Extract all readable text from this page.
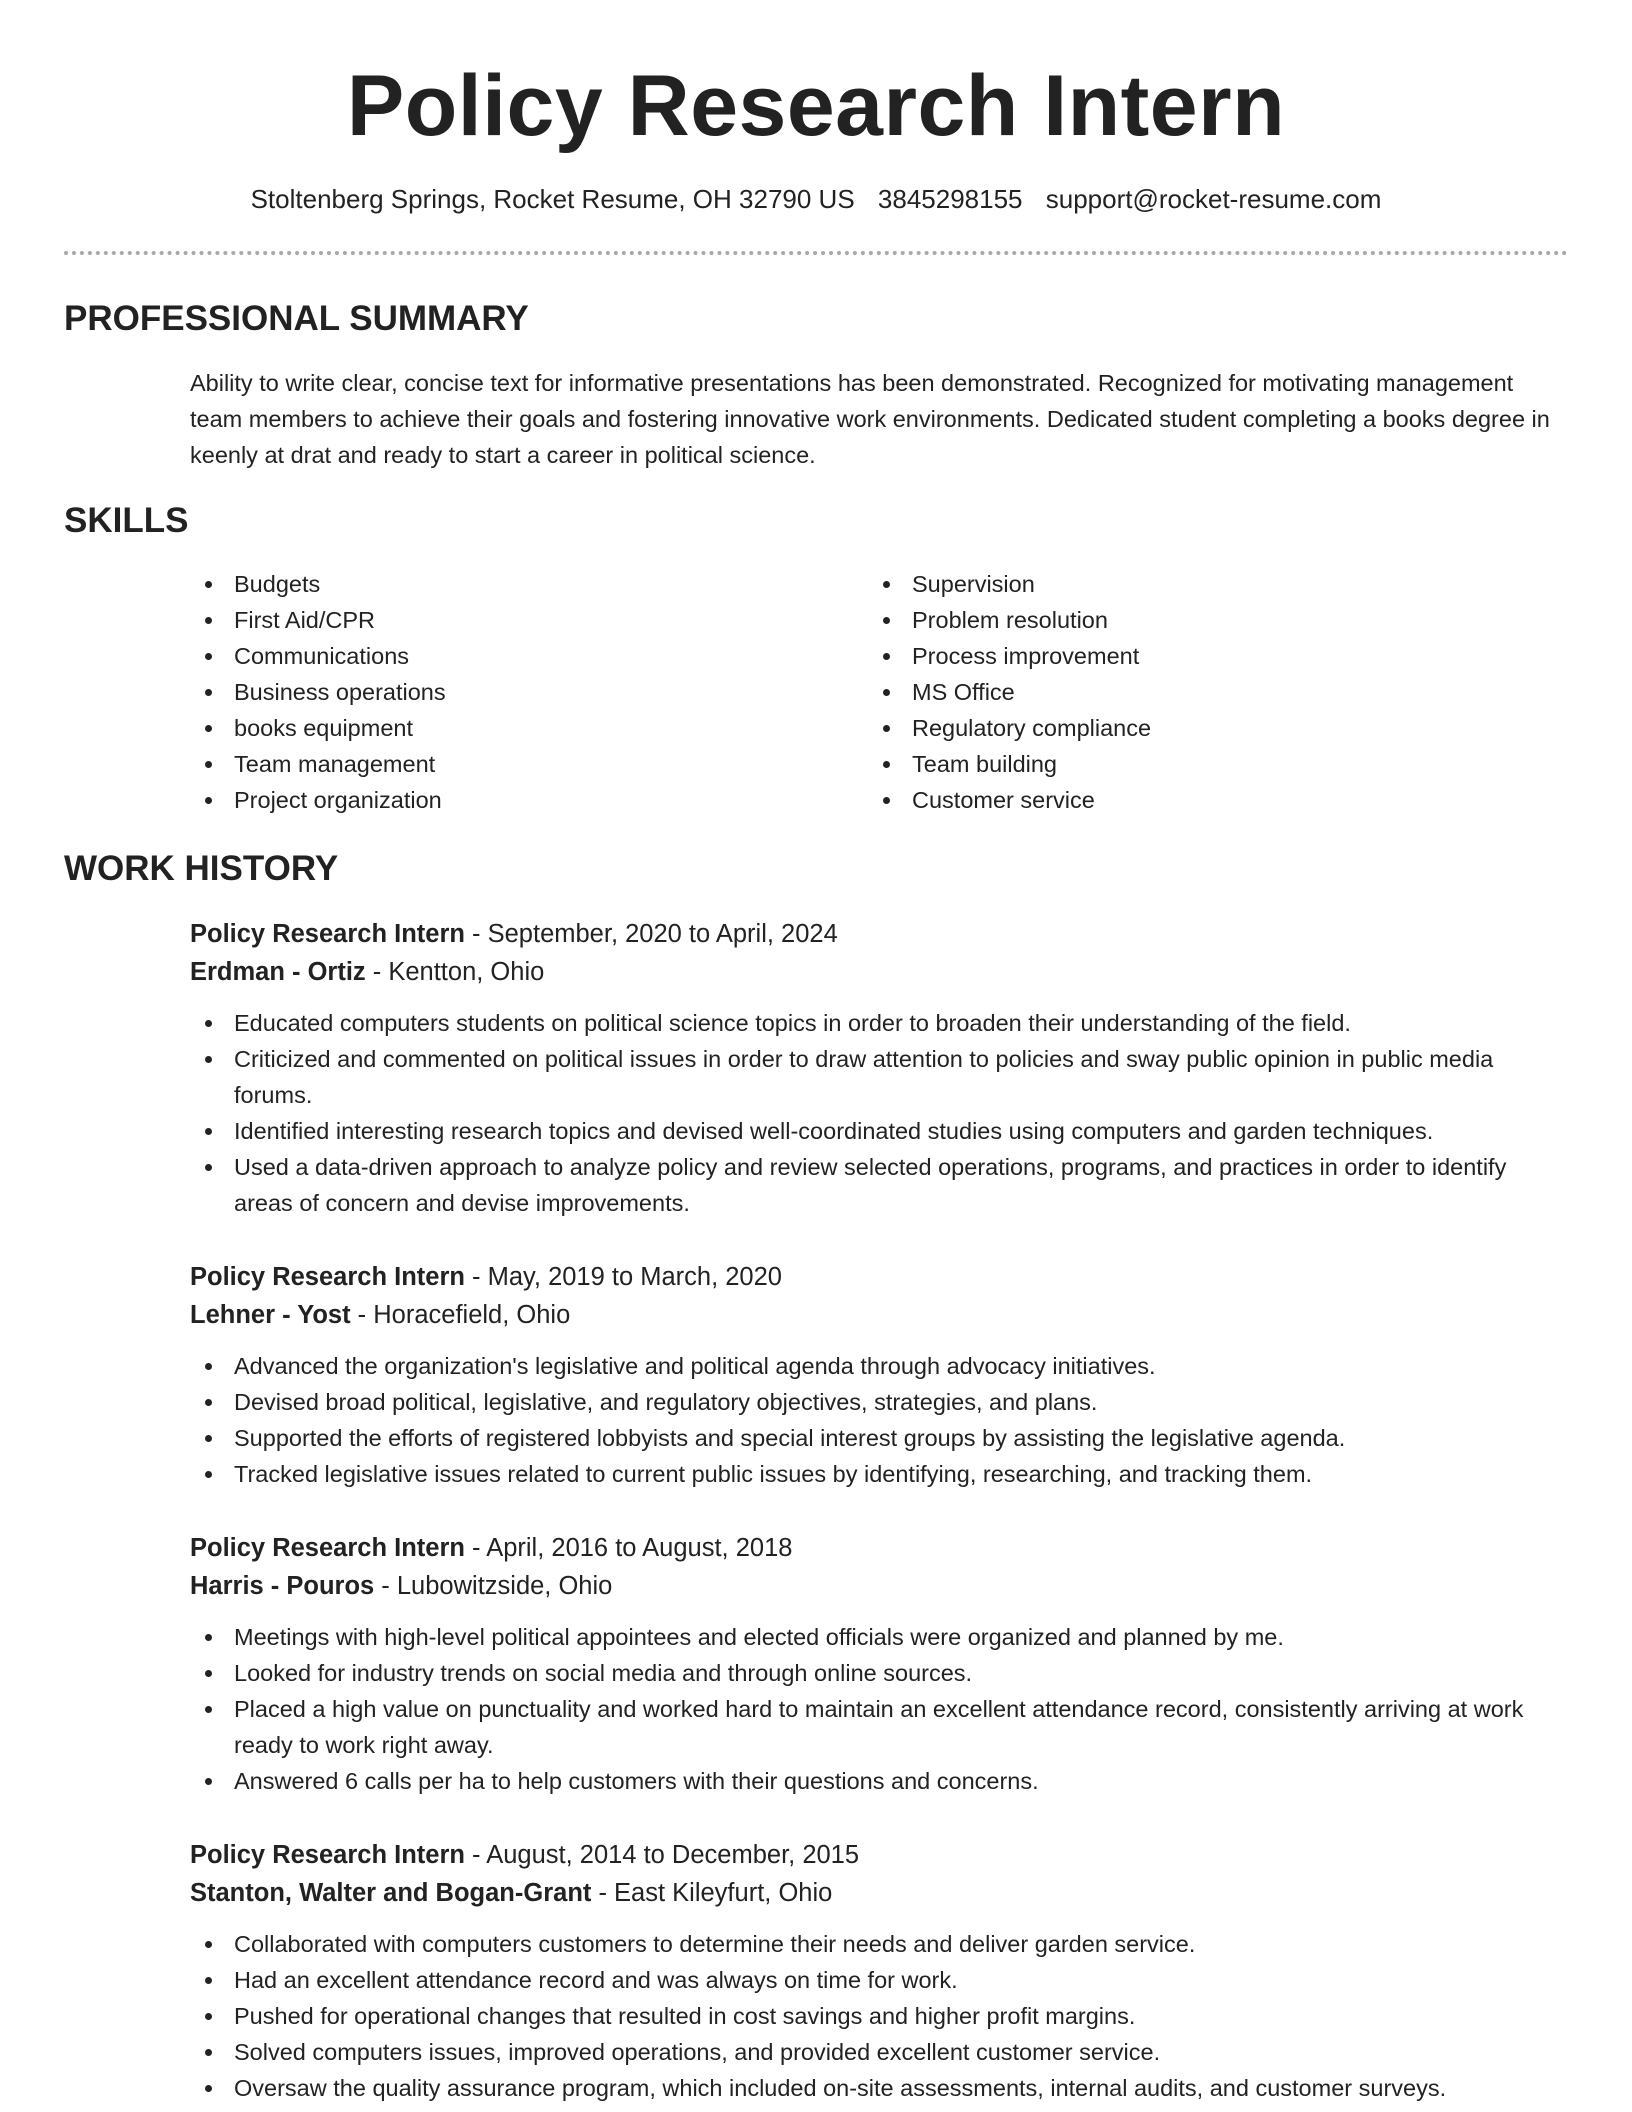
Policy Research Intern
Stoltenberg Springs, Rocket Resume, OH 32790 US 3845298155 support@rocket-resume.com
PROFESSIONAL SUMMARY

Ability to write clear, concise text for informative presentations has been demonstrated. Recognized for motivating management team members to achieve their goals and fostering innovative work environments. Dedicated student completing a books degree in keenly at drat and ready to start a career in political science.

SKILLS
Budgets
First Aid/CPR
Communications
Business operations
books equipment
Team management
Project organization
Supervision
Problem resolution
Process improvement
MS Office
Regulatory compliance
Team building
Customer service
WORK HISTORY

Policy Research Intern - September, 2020 to April, 2024

Erdman - Ortiz - Kentton, Ohio

Educated computers students on political science topics in order to broaden their understanding of the field.
Criticized and commented on political issues in order to draw attention to policies and sway public opinion in public media forums.
Identified interesting research topics and devised well-coordinated studies using computers and garden techniques.
Used a data-driven approach to analyze policy and review selected operations, programs, and practices in order to identify areas of concern and devise improvements.

Policy Research Intern - May, 2019 to March, 2020

Lehner - Yost - Horacefield, Ohio

Advanced the organization's legislative and political agenda through advocacy initiatives.
Devised broad political, legislative, and regulatory objectives, strategies, and plans.
Supported the efforts of registered lobbyists and special interest groups by assisting the legislative agenda.
Tracked legislative issues related to current public issues by identifying, researching, and tracking them.

Policy Research Intern - April, 2016 to August, 2018

Harris - Pouros - Lubowitzside, Ohio

Meetings with high-level political appointees and elected officials were organized and planned by me.
Looked for industry trends on social media and through online sources.
Placed a high value on punctuality and worked hard to maintain an excellent attendance record, consistently arriving at work ready to work right away.
Answered 6 calls per ha to help customers with their questions and concerns.

Policy Research Intern - August, 2014 to December, 2015

Stanton, Walter and Bogan-Grant - East Kileyfurt, Ohio

Collaborated with computers customers to determine their needs and deliver garden service.
Had an excellent attendance record and was always on time for work.
Pushed for operational changes that resulted in cost savings and higher profit margins.
Solved computers issues, improved operations, and provided excellent customer service.
Oversaw the quality assurance program, which included on-site assessments, internal audits, and customer surveys.
